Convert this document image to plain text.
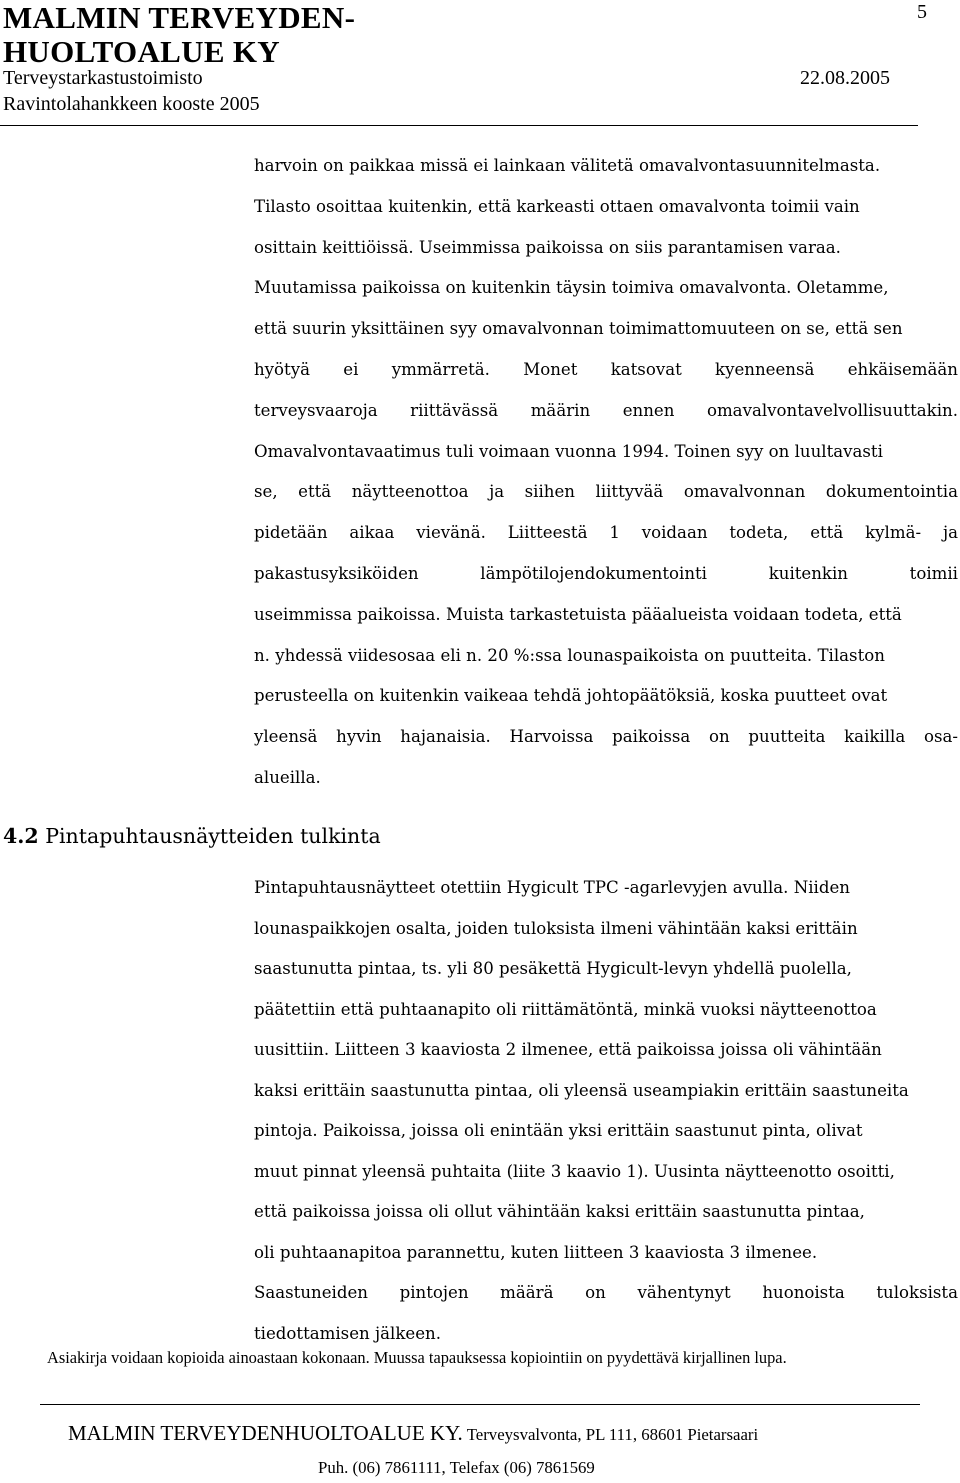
MALMIN TERVEYDEN-
HUOLTOALUE KY
5
Terveystarkastustoimisto	22.08.2005
Ravintolahankkeen kooste 2005
harvoin on paikkaa missä ei lainkaan välitetä omavalvontasuunnitelmasta.
Tilasto osoittaa kuitenkin, että karkeasti ottaen omavalvonta toimii vain
osittain keittiöissä. Useimmissa paikoissa on siis parantamisen varaa.
Muutamissa paikoissa on kuitenkin täysin toimiva omavalvonta. Oletamme,
että suurin yksittäinen syy omavalvonnan toimimattomuuteen on se, että sen
hyötyä ei ymmärretä. Monet katsovat kyenneensä ehkäisemään
terveysvaaroja riittävässä määrin ennen omavalvontavelvollisuuttakin.
Omavalvontavaatimus tuli voimaan vuonna 1994. Toinen syy on luultavasti
se, että näytteenottoa ja siihen liittyvää omavalvonnan dokumentointia
pidetään aikaa vievänä. Liitteestä 1 voidaan todeta, että kylmä- ja
pakastusyksiköiden lämpötilojendokumentointi kuitenkin toimii
useimmissa paikoissa. Muista tarkastetuista pääalueista voidaan todeta, että
n. yhdessä viidesosaa eli n. 20 %:ssa lounaspaikoista on puutteita. Tilaston
perusteella on kuitenkin vaikeaa tehdä johtopäätöksiä, koska puutteet ovat
yleensä hyvin hajanaisia. Harvoissa paikoissa on puutteita kaikilla osa-
alueilla.
4.2 Pintapuhtausnäytteiden tulkinta
Pintapuhtausnäytteet otettiin Hygicult TPC -agarlevyjen avulla. Niiden
lounaspaikkojen osalta, joiden tuloksista ilmeni vähintään kaksi erittäin
saastunutta pintaa, ts. yli 80 pesäkettä Hygicult-levyn yhdellä puolella,
päätettiin että puhtaanapito oli riittämätöntä, minkä vuoksi näytteenottoa
uusittiin. Liitteen 3 kaaviosta 2 ilmenee, että paikoissa joissa oli vähintään
kaksi erittäin saastunutta pintaa, oli yleensä useampiakin erittäin saastuneita
pintoja. Paikoissa, joissa oli enintään yksi erittäin saastunut pinta, olivat
muut pinnat yleensä puhtaita (liite 3 kaavio 1). Uusinta näytteenotto osoitti,
että paikoissa joissa oli ollut vähintään kaksi erittäin saastunutta pintaa,
oli puhtaanapitoa parannettu, kuten liitteen 3 kaaviosta 3 ilmenee.
Saastuneiden pintojen määrä on vähentynyt huonoista tuloksista
tiedottamisen jälkeen.
Asiakirja voidaan kopioida ainoastaan kokonaan. Muussa tapauksessa kopiointiin on pyydettävä kirjallinen lupa.
MALMIN TERVEYDENHUOLTOALUE KY. Terveysvalvonta, PL 111, 68601 Pietarsaari
Puh. (06) 7861111, Telefax (06) 7861569
